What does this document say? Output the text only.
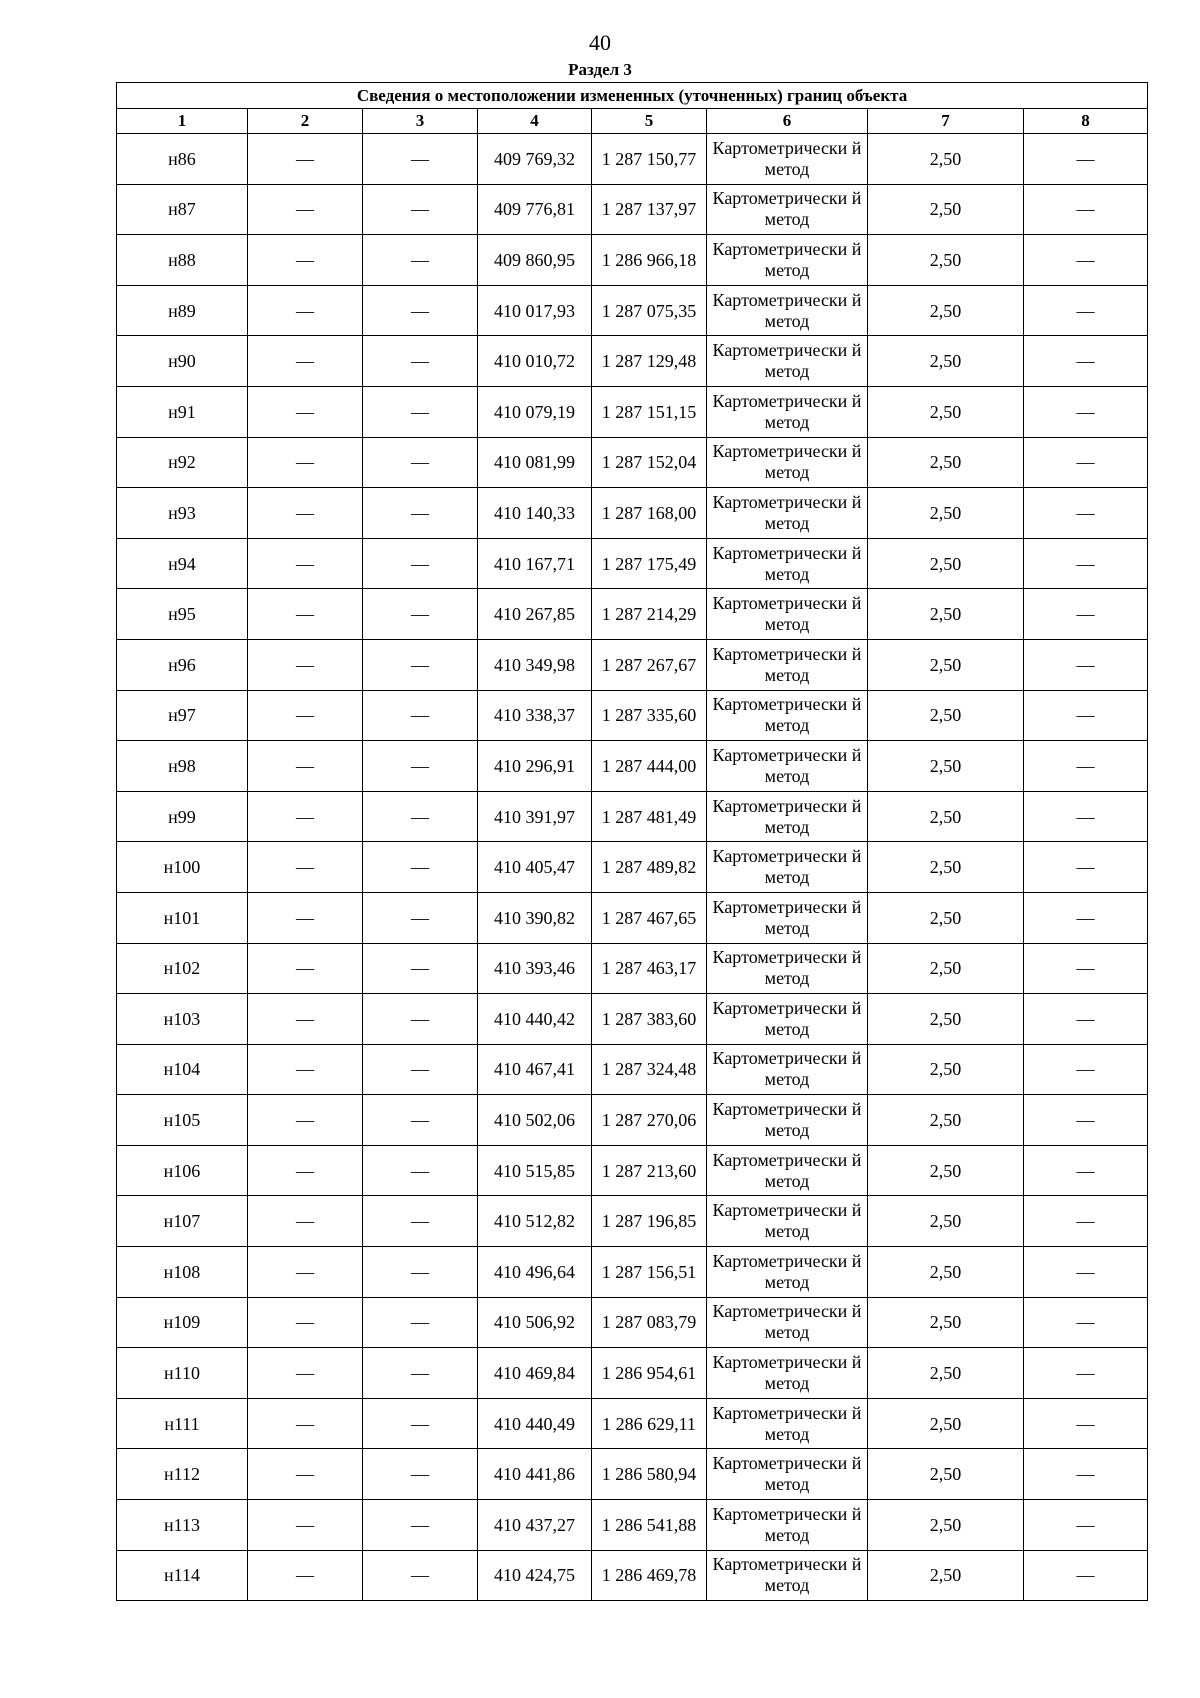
40
Раздел 3
Сведения о местоположении измененных (уточненных) границ объекта							
1	2	3	4	5	6	7	8
н86	—	—	409 769,32	1 287 150,77	Картометрически й метод	2,50	—
н87	—	—	409 776,81	1 287 137,97	Картометрически й метод	2,50	—
н88	—	—	409 860,95	1 286 966,18	Картометрически й метод	2,50	—
н89	—	—	410 017,93	1 287 075,35	Картометрически й метод	2,50	—
н90	—	—	410 010,72	1 287 129,48	Картометрически й метод	2,50	—
н91	—	—	410 079,19	1 287 151,15	Картометрически й метод	2,50	—
н92	—	—	410 081,99	1 287 152,04	Картометрически й метод	2,50	—
н93	—	—	410 140,33	1 287 168,00	Картометрически й метод	2,50	—
н94	—	—	410 167,71	1 287 175,49	Картометрически й метод	2,50	—
н95	—	—	410 267,85	1 287 214,29	Картометрически й метод	2,50	—
н96	—	—	410 349,98	1 287 267,67	Картометрически й метод	2,50	—
н97	—	—	410 338,37	1 287 335,60	Картометрически й метод	2,50	—
н98	—	—	410 296,91	1 287 444,00	Картометрически й метод	2,50	—
н99	—	—	410 391,97	1 287 481,49	Картометрически й метод	2,50	—
н100	—	—	410 405,47	1 287 489,82	Картометрически й метод	2,50	—
н101	—	—	410 390,82	1 287 467,65	Картометрически й метод	2,50	—
н102	—	—	410 393,46	1 287 463,17	Картометрически й метод	2,50	—
н103	—	—	410 440,42	1 287 383,60	Картометрически й метод	2,50	—
н104	—	—	410 467,41	1 287 324,48	Картометрически й метод	2,50	—
н105	—	—	410 502,06	1 287 270,06	Картометрически й метод	2,50	—
н106	—	—	410 515,85	1 287 213,60	Картометрически й метод	2,50	—
н107	—	—	410 512,82	1 287 196,85	Картометрически й метод	2,50	—
н108	—	—	410 496,64	1 287 156,51	Картометрически й метод	2,50	—
н109	—	—	410 506,92	1 287 083,79	Картометрически й метод	2,50	—
н110	—	—	410 469,84	1 286 954,61	Картометрически й метод	2,50	—
н111	—	—	410 440,49	1 286 629,11	Картометрически й метод	2,50	—
н112	—	—	410 441,86	1 286 580,94	Картометрически й метод	2,50	—
н113	—	—	410 437,27	1 286 541,88	Картометрически й метод	2,50	—
н114	—	—	410 424,75	1 286 469,78	Картометрически й метод	2,50	—
